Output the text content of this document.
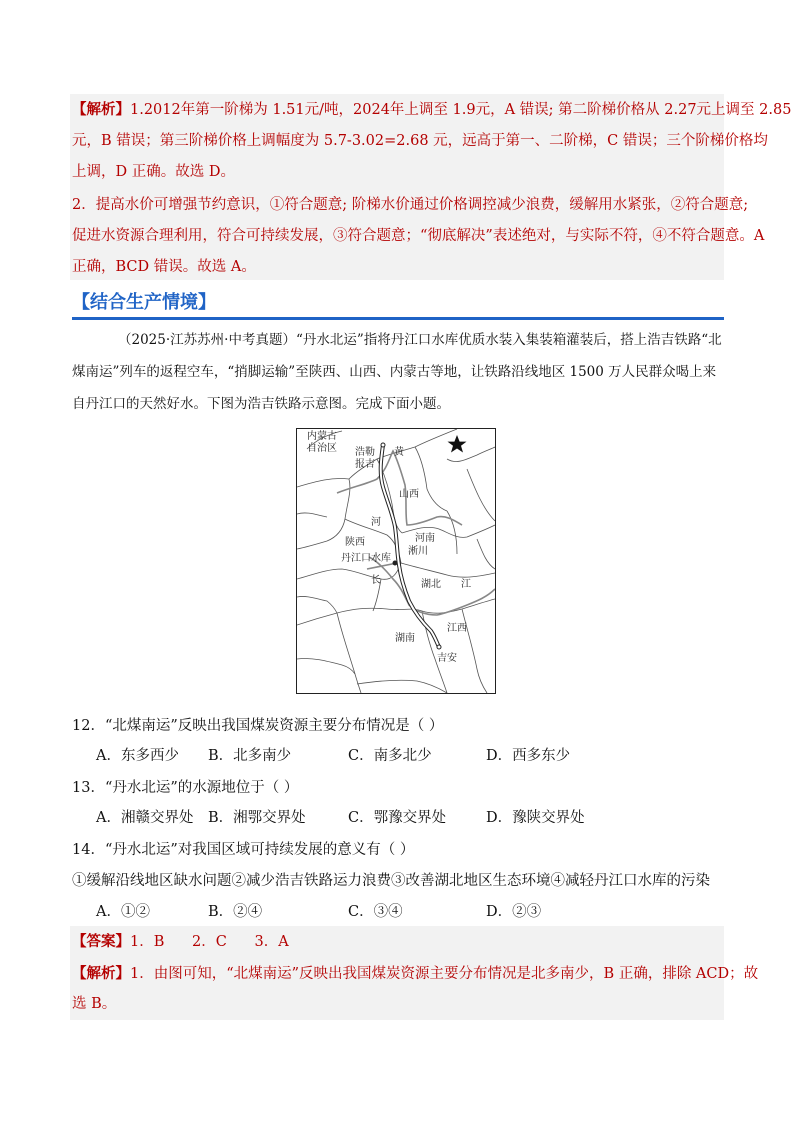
【解析】1.2012年第一阶梯为 1.51元/吨，2024年上调至 1.9元，A 错误; 第二阶梯价格从 2.27元上调至 2.85
元，B 错误；第三阶梯价格上调幅度为 5.7-3.02=2.68 元，远高于第一、二阶梯，C 错误；三个阶梯价格均
上调，D 正确。故选 D。
2．提高水价可增强节约意识，①符合题意; 阶梯水价通过价格调控减少浪费，缓解用水紧张，②符合题意;
促进水资源合理利用，符合可持续发展，③符合题意；“彻底解决”表述绝对，与实际不符，④不符合题意。A
正确，BCD 错误。故选 A。
【结合生产情境】
（2025·江苏苏州·中考真题）“丹水北运”指将丹江口水库优质水装入集装箱灌装后，搭上浩吉铁路“北
煤南运”列车的返程空车，“捎脚运输”至陕西、山西、内蒙古等地，让铁路沿线地区 1500 万人民群众喝上来
自丹江口的天然好水。下图为浩吉铁路示意图。完成下面小题。
内蒙古
自治区 浩勒
报吉
黄
山西
河
陕西	河南
淅川
丹江口水库
长	湖北 江
湖南
江西
吉安
12．“北煤南运”反映出我国煤炭资源主要分布情况是（ ）
A．东多西少 B．北多南少	C．南多北少	D．西多东少
13．“丹水北运”的水源地位于（ ）
A．湘赣交界处 B．湘鄂交界处	C．鄂豫交界处	D．豫陕交界处
14．“丹水北运”对我国区域可持续发展的意义有（ ）
①缓解沿线地区缺水问题②减少浩吉铁路运力浪费③改善湖北地区生态环境④减轻丹江口水库的污染
A．①②	B．②④	C．③④	D．②③
【答案】1．B      2．C      3．A
【解析】1．由图可知，“北煤南运”反映出我国煤炭资源主要分布情况是北多南少，B 正确，排除 ACD；故
选 B。
